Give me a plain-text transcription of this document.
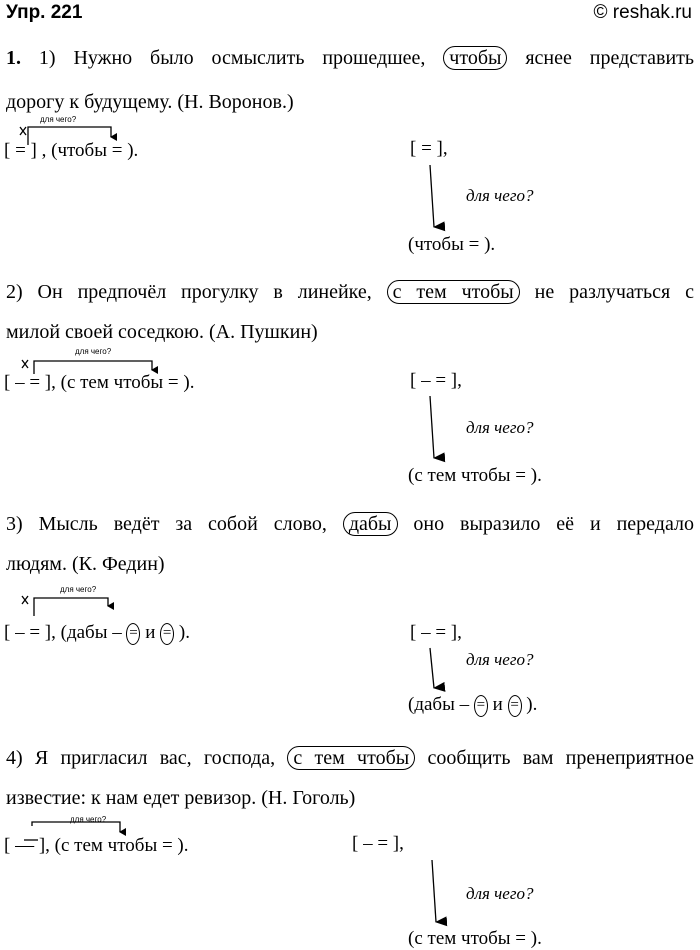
Упр. 221	© reshak.ru
1. 1) Нужно было осмыслить прошедшее, чтобы яснее представить
дорогу к будущему. (Н. Воронов.)
для чего?
[ = ] , (чтобы = ).	[ = ],
для чего?
(чтобы = ).
2) Он предпочёл прогулку в линейке, с тем чтобы не разлучаться с
милой своей соседкою. (А. Пушкин)
для чего?
[ – = ], (с тем чтобы = ).	[ – = ],
для чего?
(с тем чтобы = ).
3) Мысль ведёт за собой слово, дабы оно выразило её и передало
людям. (К. Федин)
для чего?
[ – = ], (дабы – = и = ).	[ – = ],
для чего?
(дабы – = и = ).
4) Я пригласил вас, господа, с тем чтобы сообщить вам пренеприятное
известие: к нам едет ревизор. (Н. Гоголь)
для чего?
[ — ], (с тем чтобы = ).	[ – = ],
для чего?
(с тем чтобы = ).
